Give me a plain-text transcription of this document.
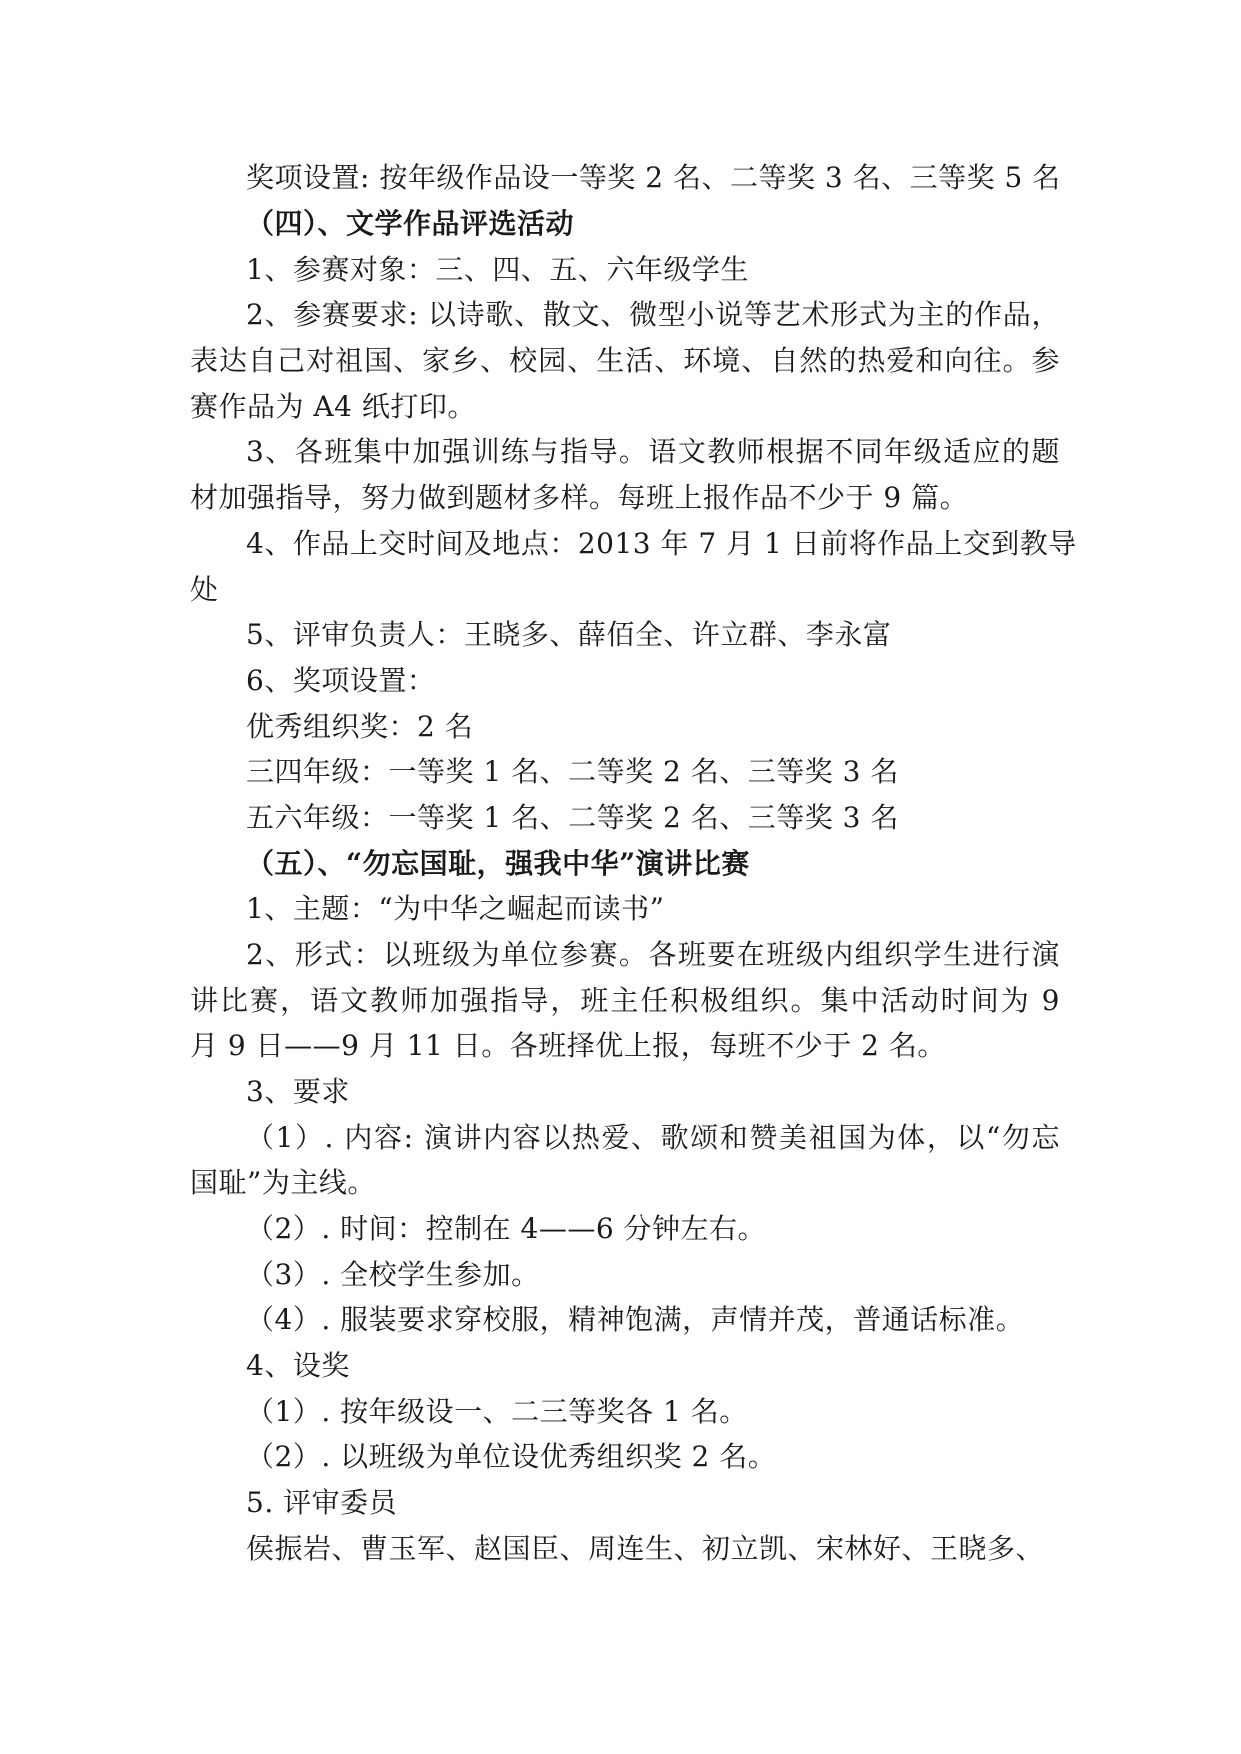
奖项设置: 按年级作品设一等奖 2 名、二等奖 3 名、三等奖 5 名
（四）、文学作品评选活动
1、参赛对象：三、四、五、六年级学生
2、参赛要求: 以诗歌、散文、微型小说等艺术形式为主的作品，
表达自己对祖国、家乡、校园、生活、环境、自然的热爱和向往。参
赛作品为 A4 纸打印。
3、各班集中加强训练与指导。语文教师根据不同年级适应的题
材加强指导，努力做到题材多样。每班上报作品不少于 9 篇。
4、作品上交时间及地点：2013 年 7 月 1 日前将作品上交到教导
处
5、评审负责人：王晓多、薛佰全、许立群、李永富
6、奖项设置：
优秀组织奖：2 名
三四年级：一等奖 1 名、二等奖 2 名、三等奖 3 名
五六年级：一等奖 1 名、二等奖 2 名、三等奖 3 名
（五）、“勿忘国耻，强我中华”演讲比赛
1、主题：“为中华之崛起而读书”
2、形式：以班级为单位参赛。各班要在班级内组织学生进行演
讲比赛，语文教师加强指导，班主任积极组织。集中活动时间为 9
月 9 日——9 月 11 日。各班择优上报，每班不少于 2 名。
3、要求
（1）. 内容: 演讲内容以热爱、歌颂和赞美祖国为体，以“勿忘
国耻”为主线。
（2）. 时间：控制在 4——6 分钟左右。
（3）. 全校学生参加。
（4）. 服装要求穿校服，精神饱满，声情并茂，普通话标准。
4、设奖
（1）. 按年级设一、二三等奖各 1 名。
（2）. 以班级为单位设优秀组织奖 2 名。
5. 评审委员
侯振岩、曹玉军、赵国臣、周连生、初立凯、宋林好、王晓多、
